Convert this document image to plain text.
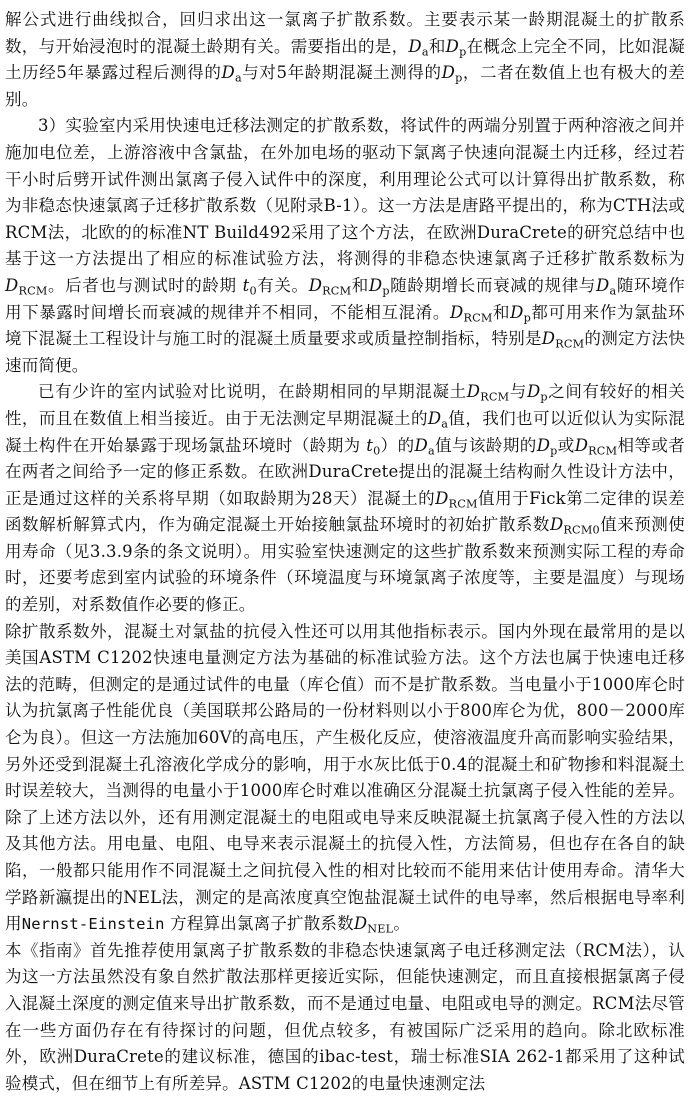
解公式进行曲线拟合，回归求出这一氯离子扩散系数。主要表示某一龄期混凝土的扩散系数，与开始浸泡时的混凝土龄期有关。需要指出的是，$D_a$和$D_p$在概念上完全不同，比如混凝土历经5年暴露过程后测得的$D_a$与对5年龄期混凝土测得的$D_p$，二者在数值上也有极大的差别。

3）实验室内采用快速电迁移法测定的扩散系数，将试件的两端分别置于两种溶液之间并施加电位差，上游溶液中含氯盐，在外加电场的驱动下氯离子快速向混凝土内迁移，经过若干小时后劈开试件测出氯离子侵入试件中的深度，利用理论公式可以计算得出扩散系数，称为非稳态快速氯离子迁移扩散系数（见附录B-1）。这一方法是唐路平提出的，称为CTH法或RCM法，北欧的的标准NT Build492采用了这个方法，在欧洲DuraCrete的研究总结中也基于这一方法提出了相应的标准试验方法，将测得的非稳态快速氯离子迁移扩散系数标为$D_{RCM}$。后者也与测试时的龄期 $t_0$有关。$D_{RCM}$和$D_p$随龄期增长而衰减的规律与$D_a$随环境作用下暴露时间增长而衰减的规律并不相同，不能相互混淆。$D_{RCM}$和$D_p$都可用来作为氯盐环境下混凝土工程设计与施工时的混凝土质量要求或质量控制指标，特别是$D_{RCM}$的测定方法快速而简便。

已有少许的室内试验对比说明，在龄期相同的早期混凝土$D_{RCM}$与$D_p$之间有较好的相关性，而且在数值上相当接近。由于无法测定早期混凝土的$D_a$值，我们也可以近似认为实际混凝土构件在开始暴露于现场氯盐环境时（龄期为 $t_0$）的$D_a$值与该龄期的$D_p$或$D_{RCM}$相等或者在两者之间给予一定的修正系数。在欧洲DuraCrete提出的混凝土结构耐久性设计方法中，正是通过这样的关系将早期（如取龄期为28天）混凝土的$D_{RCM}$值用于Fick第二定律的误差函数解析解算式内，作为确定混凝土开始接触氯盐环境时的初始扩散系数$D_{RCM0}$值来预测使用寿命（见3.3.9条的条文说明）。用实验室快速测定的这些扩散系数来预测实际工程的寿命时，还要考虑到室内试验的环境条件（环境温度与环境氯离子浓度等，主要是温度）与现场的差别，对系数值作必要的修正。

除扩散系数外，混凝土对氯盐的抗侵入性还可以用其他指标表示。国内外现在最常用的是以美国ASTM C1202快速电量测定方法为基础的标准试验方法。这个方法也属于快速电迁移法的范畴，但测定的是通过试件的电量（库仑值）而不是扩散系数。当电量小于1000库仑时认为抗氯离子性能优良（美国联邦公路局的一份材料则以小于800库仑为优，800－2000库仑为良）。但这一方法施加60V的高电压，产生极化反应，使溶液温度升高而影响实验结果，另外还受到混凝土孔溶液化学成分的影响，用于水灰比低于0.4的混凝土和矿物掺和料混凝土时误差较大，当测得的电量小于1000库仑时难以准确区分混凝土抗氯离子侵入性能的差异。除了上述方法以外，还有用测定混凝土的电阻或电导来反映混凝土抗氯离子侵入性的方法以及其他方法。用电量、电阻、电导来表示混凝土的抗侵入性，方法简易，但也存在各自的缺陷，一般都只能用作不同混凝土之间抗侵入性的相对比较而不能用来估计使用寿命。清华大学路新瀛提出的NEL法，测定的是高浓度真空饱盐混凝土试件的电导率，然后根据电导率利用Nernst-Einstein 方程算出氯离子扩散系数$D_{NEL}$。

本《指南》首先推荐使用氯离子扩散系数的非稳态快速氯离子电迁移测定法（RCM法），认为这一方法虽然没有象自然扩散法那样更接近实际，但能快速测定，而且直接根据氯离子侵入混凝土深度的测定值来导出扩散系数，而不是通过电量、电阻或电导的测定。RCM法尽管在一些方面仍存在有待探讨的问题，但优点较多，有被国际广泛采用的趋向。除北欧标准外，欧洲DuraCrete的建议标准，德国的ibac-test，瑞士标准SIA 262-1都采用了这种试验模式，但在细节上有所差异。ASTM C1202的电量快速测定法
